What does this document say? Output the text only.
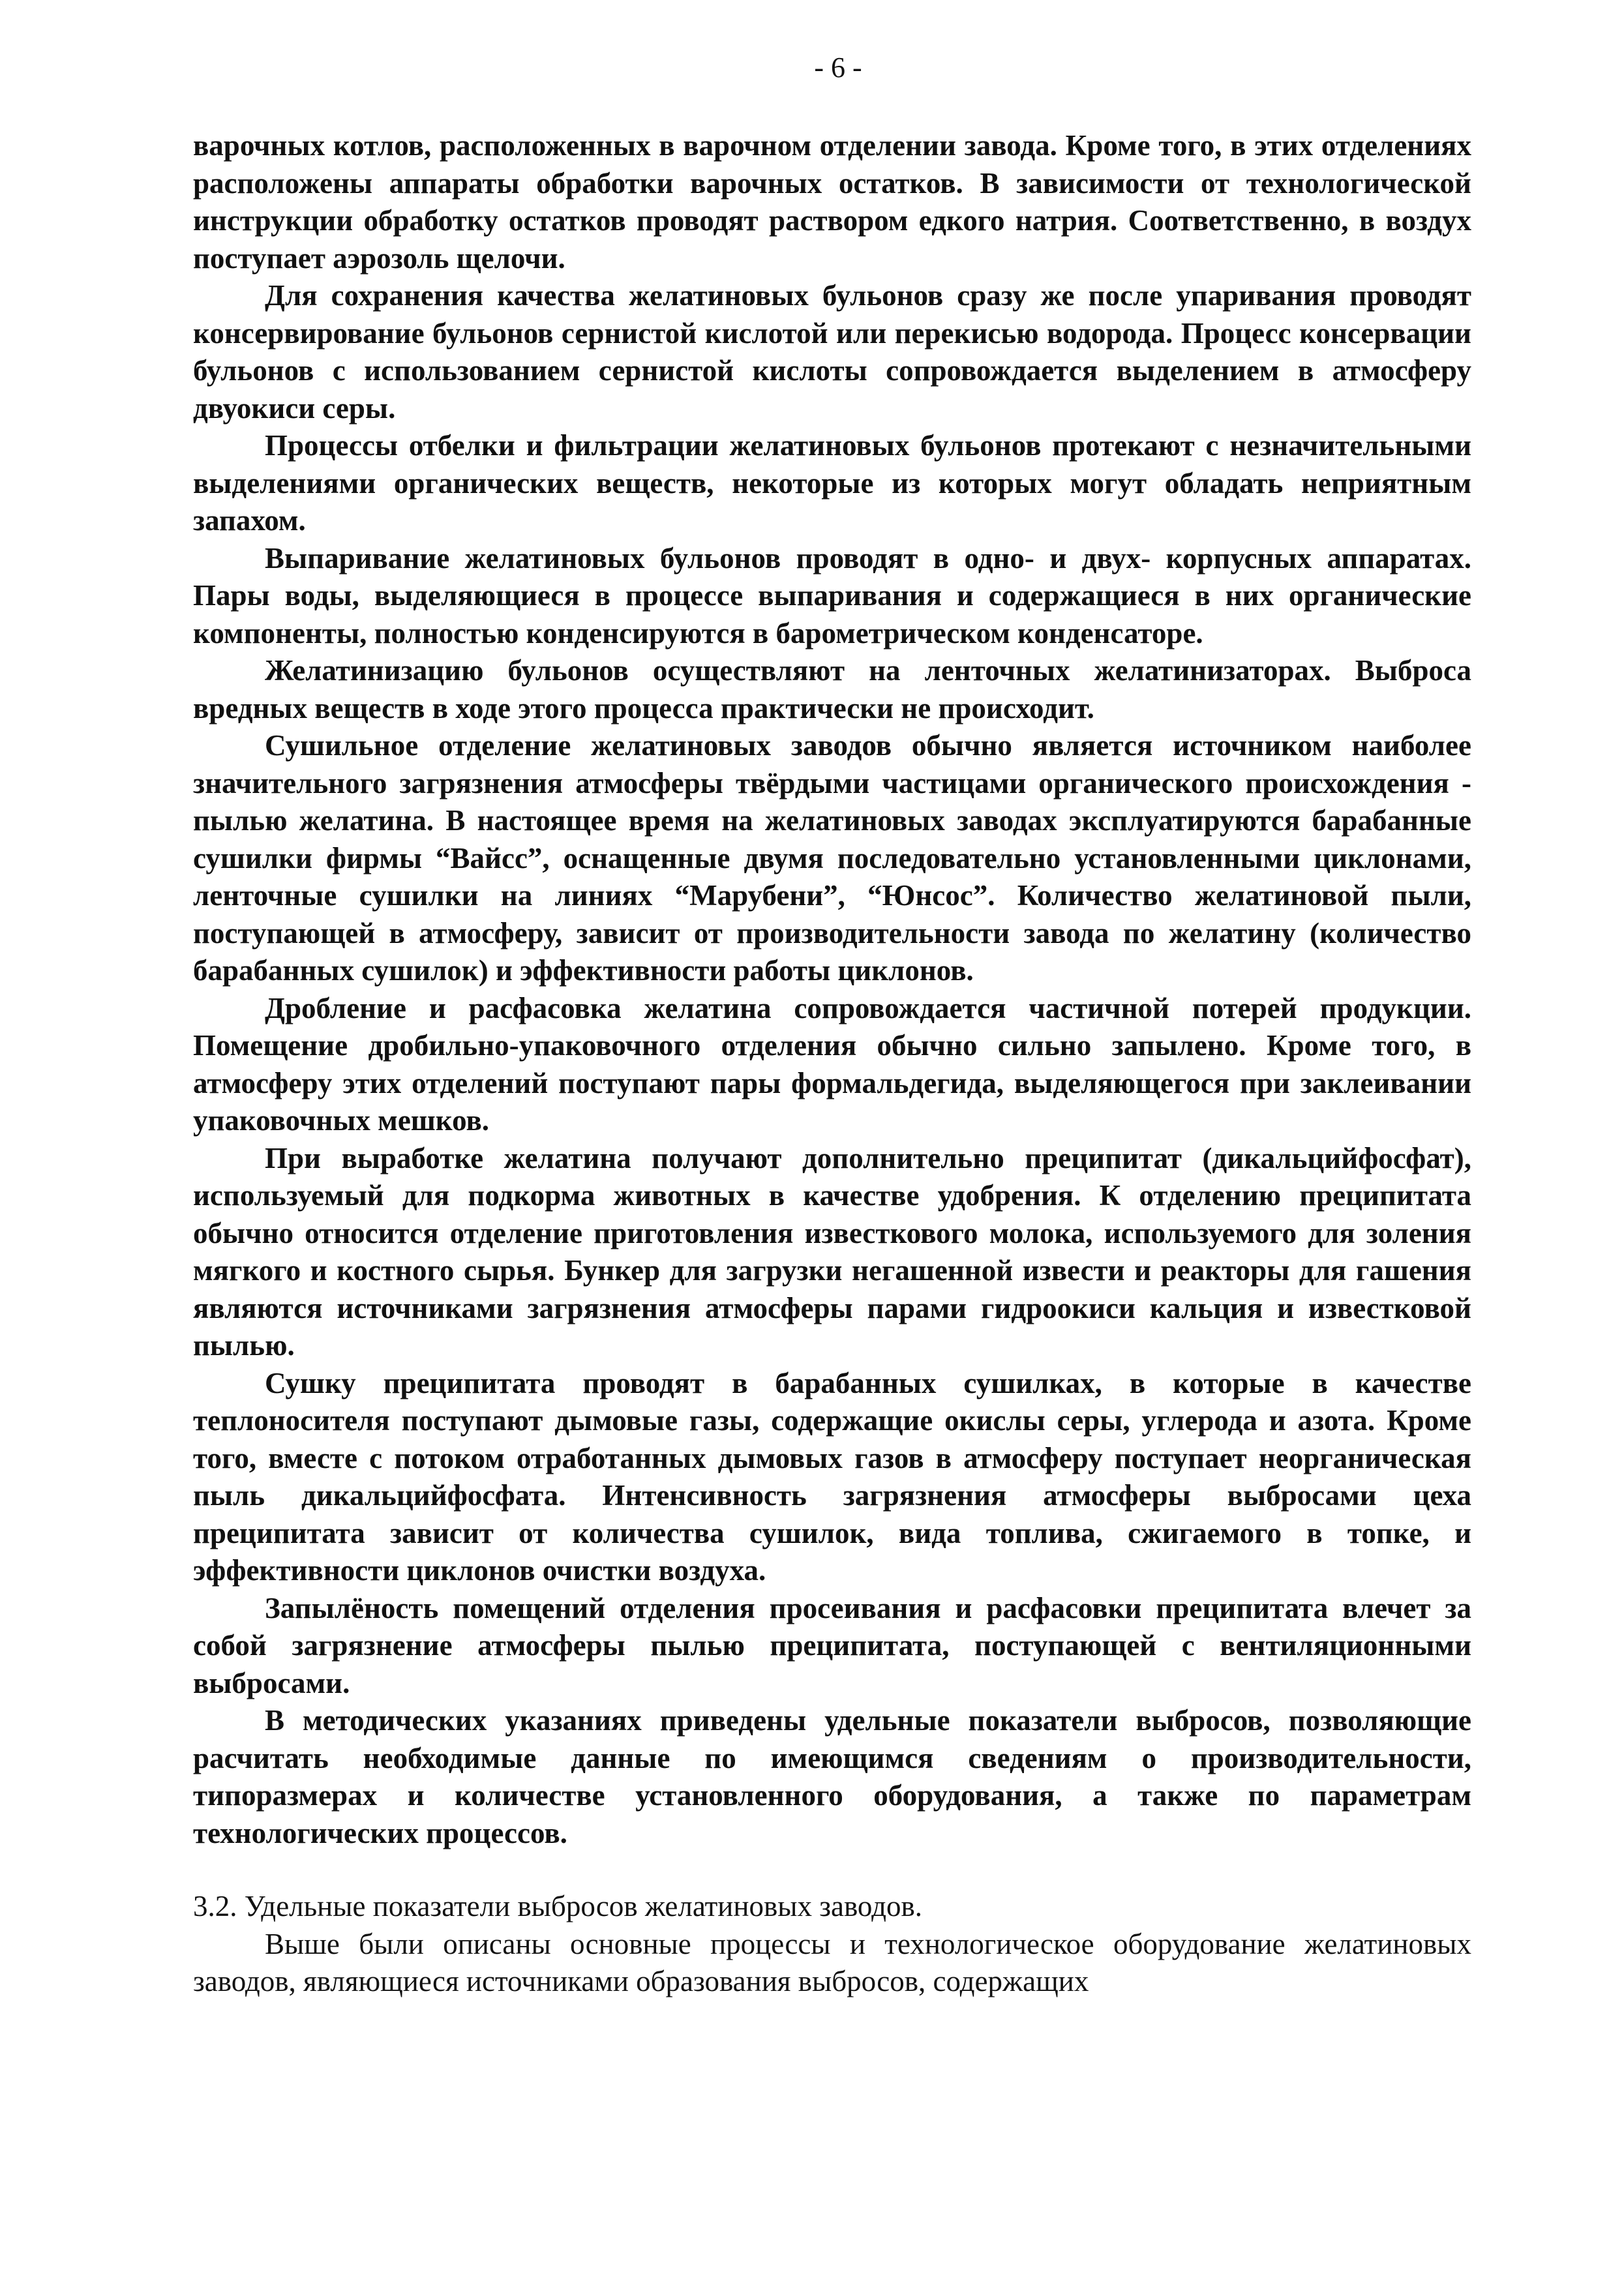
- 6 -

варочных котлов, расположенных в варочном отделении завода. Кроме того, в этих отделениях расположены аппараты обработки варочных остатков. В зависимости от технологической инструкции обработку остатков проводят раствором едкого натрия. Соответственно, в воздух поступает аэрозоль щелочи.

Для сохранения качества желатиновых бульонов сразу же после упаривания проводят консервирование бульонов сернистой кислотой или перекисью водорода. Процесс консервации бульонов с использованием сернистой кислоты сопровождается выделением в атмосферу двуокиси серы.

Процессы отбелки и фильтрации желатиновых бульонов протекают с незначительными выделениями органических веществ, некоторые из которых могут обладать неприятным запахом.

Выпаривание желатиновых бульонов проводят в одно- и двух- корпусных аппаратах. Пары воды, выделяющиеся в процессе выпаривания и содержащиеся в них органические компоненты, полностью конденсируются в барометрическом конденсаторе.

Желатинизацию бульонов осуществляют на ленточных желатинизаторах. Выброса вредных веществ в ходе этого процесса практически не происходит.

Сушильное отделение желатиновых заводов обычно является источником наиболее значительного загрязнения атмосферы твёрдыми частицами органического происхождения - пылью желатина. В настоящее время на желатиновых заводах эксплуатируются барабанные сушилки фирмы “Вайсс”, оснащенные двумя последовательно установленными циклонами, ленточные сушилки на линиях “Марубени”, “Юнсос”. Количество желатиновой пыли, поступающей в атмосферу, зависит от производительности завода по желатину (количество барабанных сушилок) и эффективности работы циклонов.

Дробление и расфасовка желатина сопровождается частичной потерей продукции. Помещение дробильно-упаковочного отделения обычно сильно запылено. Кроме того, в атмосферу этих отделений поступают пары формальдегида, выделяющегося при заклеивании упаковочных мешков.

При выработке желатина получают дополнительно преципитат (дикальцийфосфат), используемый для подкорма животных в качестве удобрения. К отделению преципитата обычно относится отделение приготовления известкового молока, используемого для золения мягкого и костного сырья. Бункер для загрузки негашенной извести и реакторы для гашения являются источниками загрязнения атмосферы парами гидроокиси кальция и известковой пылью.

Сушку преципитата проводят в барабанных сушилках, в которые в качестве теплоносителя поступают дымовые газы, содержащие окислы серы, углерода и азота. Кроме того, вместе с потоком отработанных дымовых газов в атмосферу поступает неорганическая пыль дикальцийфосфата. Интенсивность загрязнения атмосферы выбросами цеха преципитата зависит от количества сушилок, вида топлива, сжигаемого в топке, и эффективности циклонов очистки воздуха.

Запылёность помещений отделения просеивания и расфасовки преципитата влечет за собой загрязнение атмосферы пылью преципитата, поступающей с вентиляционными выбросами.

В методических указаниях приведены удельные показатели выбросов, позволяющие расчитать необходимые данные по имеющимся сведениям о производительности, типоразмерах и количестве установленного оборудования, а также по параметрам технологических процессов.

3.2. Удельные показатели выбросов желатиновых заводов.

Выше были описаны основные процессы и технологическое оборудование желатиновых заводов, являющиеся источниками образования выбросов, содержащих
